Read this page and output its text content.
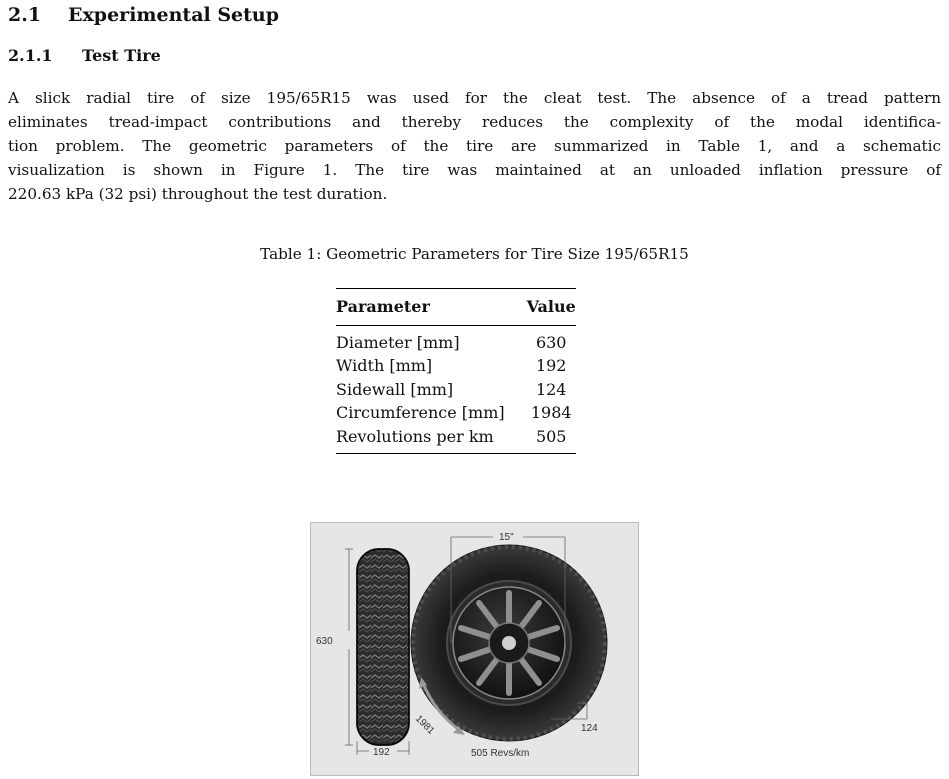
2.1 Experimental Setup
2.1.1 Test Tire

A slick radial tire of size 195/65R15 was used for the cleat test. The absence of a tread pattern
eliminates tread-impact contributions and thereby reduces the complexity of the modal identifica-
tion problem. The geometric parameters of the tire are summarized in Table 1, and a schematic
visualization is shown in Figure 1. The tire was maintained at an unloaded inflation pressure of
220.63 kPa (32 psi) throughout the test duration.

Table 1: Geometric Parameters for Tire Size 195/65R15

Parameter	Value
Diameter [mm]	630
Width [mm]	192
Sidewall [mm]	124
Circumference [mm]	1984
Revolutions per km	505
630
192
15"
124
1981
505 Revs/km
